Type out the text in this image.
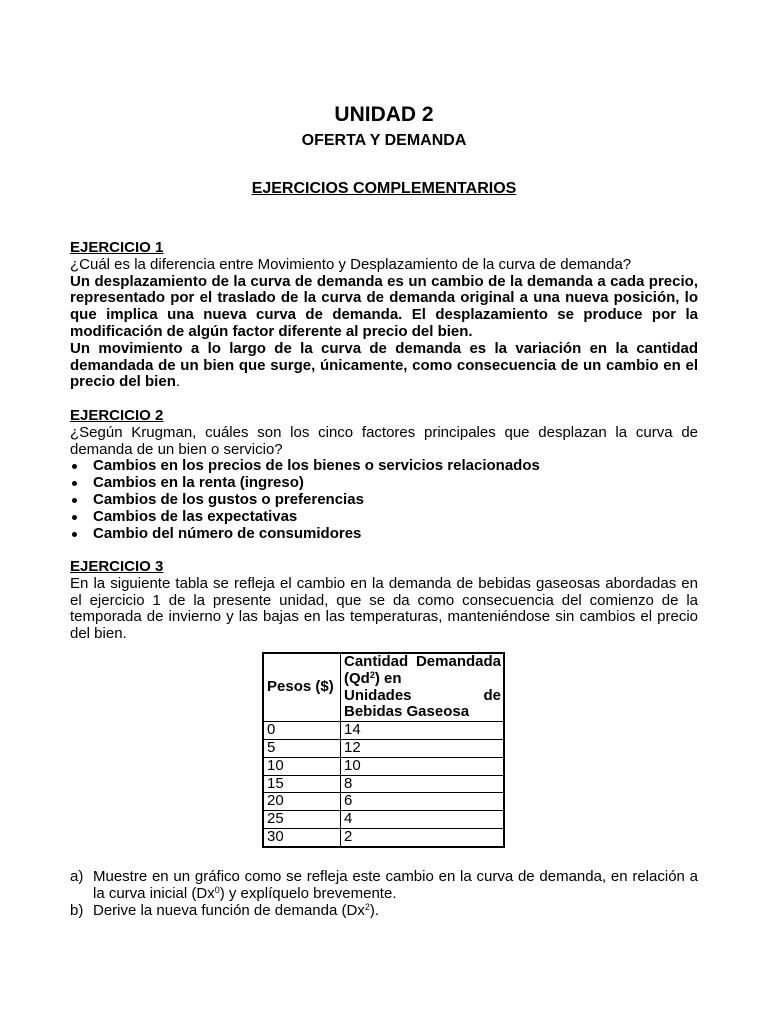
UNIDAD 2
OFERTA Y DEMANDA
EJERCICIOS COMPLEMENTARIOS
EJERCICIO 1

¿Cuál es la diferencia entre Movimiento y Desplazamiento de la curva de demanda?

Un desplazamiento de la curva de demanda es un cambio de la demanda a cada precio, representado por el traslado de la curva de demanda original a una nueva posición, lo que implica una nueva curva de demanda. El desplazamiento se produce por la modificación de algún factor diferente al precio del bien.

Un movimiento a lo largo de la curva de demanda es la variación en la cantidad demandada de un bien que surge, únicamente, como consecuencia de un cambio en el precio del bien.

EJERCICIO 2

¿Según Krugman, cuáles son los cinco factores principales que desplazan la curva de demanda de un bien o servicio?

Cambios en los precios de los bienes o servicios relacionados
Cambios en la renta (ingreso)
Cambios de los gustos o preferencias
Cambios de las expectativas
Cambio del número de consumidores
EJERCICIO 3

En la siguiente tabla se refleja el cambio en la demanda de bebidas gaseosas abordadas en el ejercicio 1 de la presente unidad, que se da como consecuencia del comienzo de la temporada de invierno y las bajas en las temperaturas, manteniéndose sin cambios el precio del bien.

Pesos ($)	Cantidad Demandada (Qd$^2$) en
Unidades de
Bebidas Gaseosa

0	14
5	12
10	10
15	8
20	6
25	4
30	2
a) Muestre en un gráfico como se refleja este cambio en la curva de demanda, en relación a la curva inicial (Dx$^0$) y explíquelo brevemente.
b) Derive la nueva función de demanda (Dx$^2$).
